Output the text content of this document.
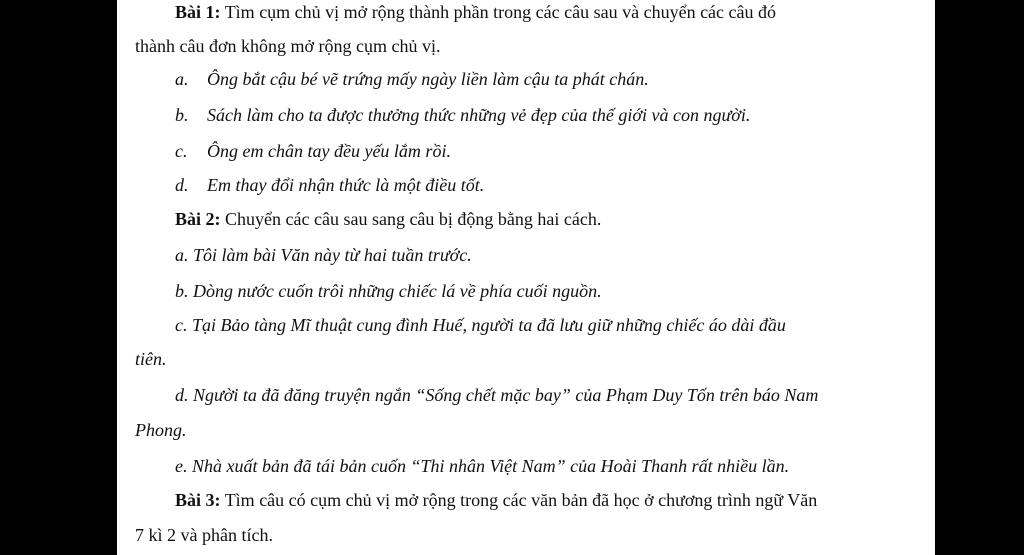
Bài 1: Tìm cụm chủ vị mở rộng thành phần trong các câu sau và chuyển các câu đó
thành câu đơn không mở rộng cụm chủ vị.
a. Ông bắt cậu bé vẽ trứng mấy ngày liền làm cậu ta phát chán.
b. Sách làm cho ta được thưởng thức những vẻ đẹp của thế giới và con người.
c. Ông em chân tay đều yếu lắm rồi.
d. Em thay đổi nhận thức là một điều tốt.
Bài 2: Chuyển các câu sau sang câu bị động bằng hai cách.
a. Tôi làm bài Văn này từ hai tuần trước.
b. Dòng nước cuốn trôi những chiếc lá về phía cuối nguồn.
c. Tại Bảo tàng Mĩ thuật cung đình Huế, người ta đã lưu giữ những chiếc áo dài đầu
tiên.
d. Người ta đã đăng truyện ngắn “Sống chết mặc bay” của Phạm Duy Tốn trên báo Nam
Phong.
e. Nhà xuất bản đã tái bản cuốn “Thi nhân Việt Nam” của Hoài Thanh rất nhiều lần.
Bài 3: Tìm câu có cụm chủ vị mở rộng trong các văn bản đã học ở chương trình ngữ Văn
7 kì 2 và phân tích.
